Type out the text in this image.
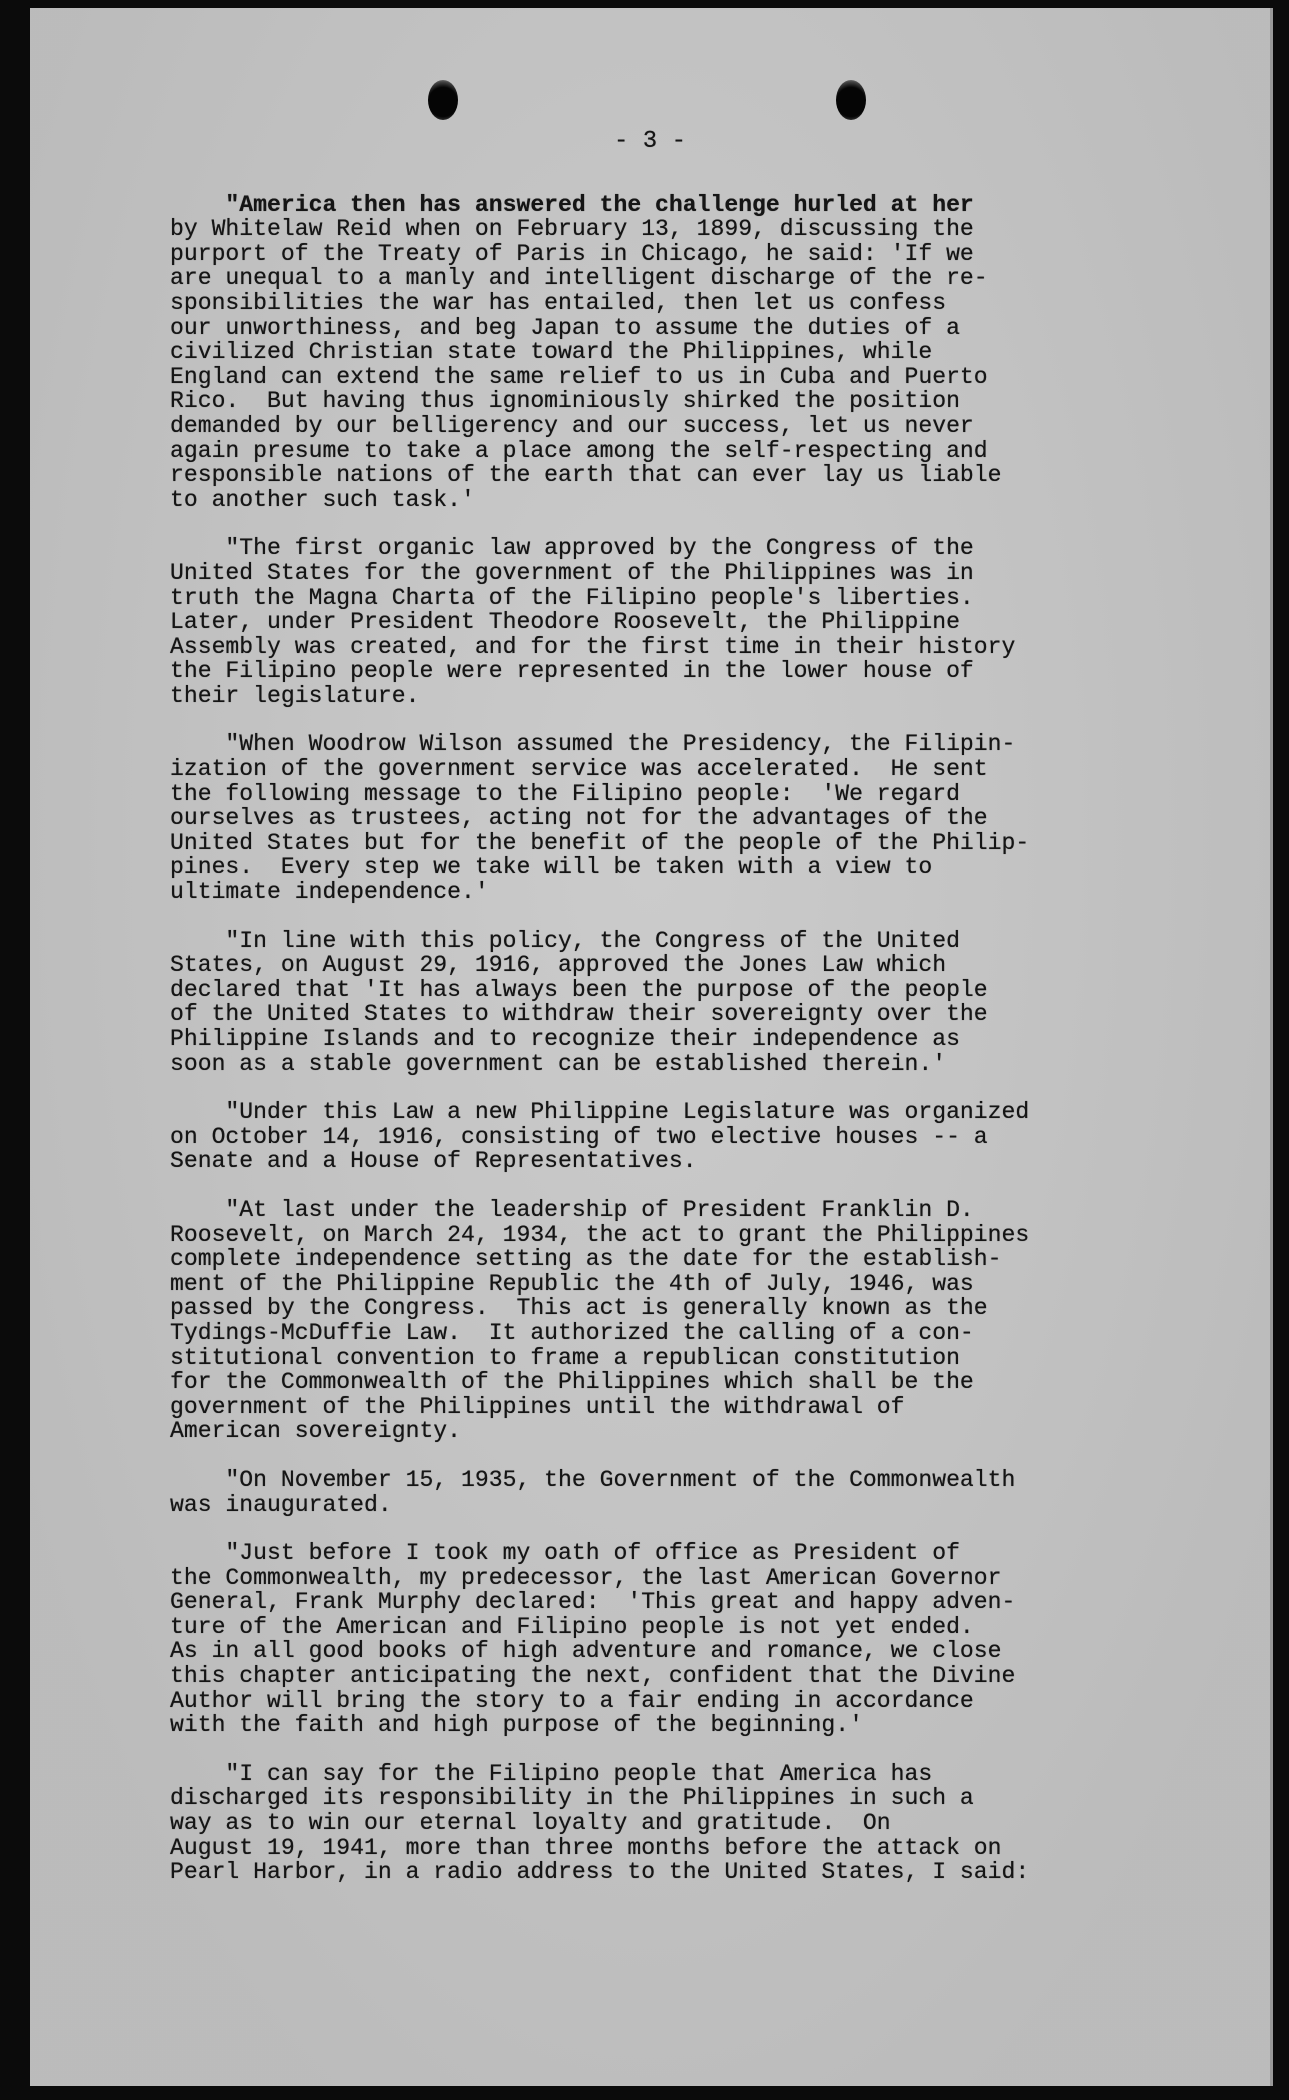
- 3 -
"America then has answered the challenge hurled at her
by Whitelaw Reid when on February 13, 1899, discussing the
purport of the Treaty of Paris in Chicago, he said: 'If we
are unequal to a manly and intelligent discharge of the re-
sponsibilities the war has entailed, then let us confess
our unworthiness, and beg Japan to assume the duties of a
civilized Christian state toward the Philippines, while
England can extend the same relief to us in Cuba and Puerto
Rico.  But having thus ignominiously shirked the position
demanded by our belligerency and our success, let us never
again presume to take a place among the self-respecting and
responsible nations of the earth that can ever lay us liable
to another such task.'
"The first organic law approved by the Congress of the
United States for the government of the Philippines was in
truth the Magna Charta of the Filipino people's liberties.
Later, under President Theodore Roosevelt, the Philippine
Assembly was created, and for the first time in their history
the Filipino people were represented in the lower house of
their legislature.
"When Woodrow Wilson assumed the Presidency, the Filipin-
ization of the government service was accelerated.  He sent
the following message to the Filipino people:  'We regard
ourselves as trustees, acting not for the advantages of the
United States but for the benefit of the people of the Philip-
pines.  Every step we take will be taken with a view to
ultimate independence.'
"In line with this policy, the Congress of the United
States, on August 29, 1916, approved the Jones Law which
declared that 'It has always been the purpose of the people
of the United States to withdraw their sovereignty over the
Philippine Islands and to recognize their independence as
soon as a stable government can be established therein.'
"Under this Law a new Philippine Legislature was organized
on October 14, 1916, consisting of two elective houses -- a
Senate and a House of Representatives.
"At last under the leadership of President Franklin D.
Roosevelt, on March 24, 1934, the act to grant the Philippines
complete independence setting as the date for the establish-
ment of the Philippine Republic the 4th of July, 1946, was
passed by the Congress.  This act is generally known as the
Tydings-McDuffie Law.  It authorized the calling of a con-
stitutional convention to frame a republican constitution
for the Commonwealth of the Philippines which shall be the
government of the Philippines until the withdrawal of
American sovereignty.
"On November 15, 1935, the Government of the Commonwealth
was inaugurated.
"Just before I took my oath of office as President of
the Commonwealth, my predecessor, the last American Governor
General, Frank Murphy declared:  'This great and happy adven-
ture of the American and Filipino people is not yet ended.
As in all good books of high adventure and romance, we close
this chapter anticipating the next, confident that the Divine
Author will bring the story to a fair ending in accordance
with the faith and high purpose of the beginning.'
"I can say for the Filipino people that America has
discharged its responsibility in the Philippines in such a
way as to win our eternal loyalty and gratitude.  On
August 19, 1941, more than three months before the attack on
Pearl Harbor, in a radio address to the United States, I said:
